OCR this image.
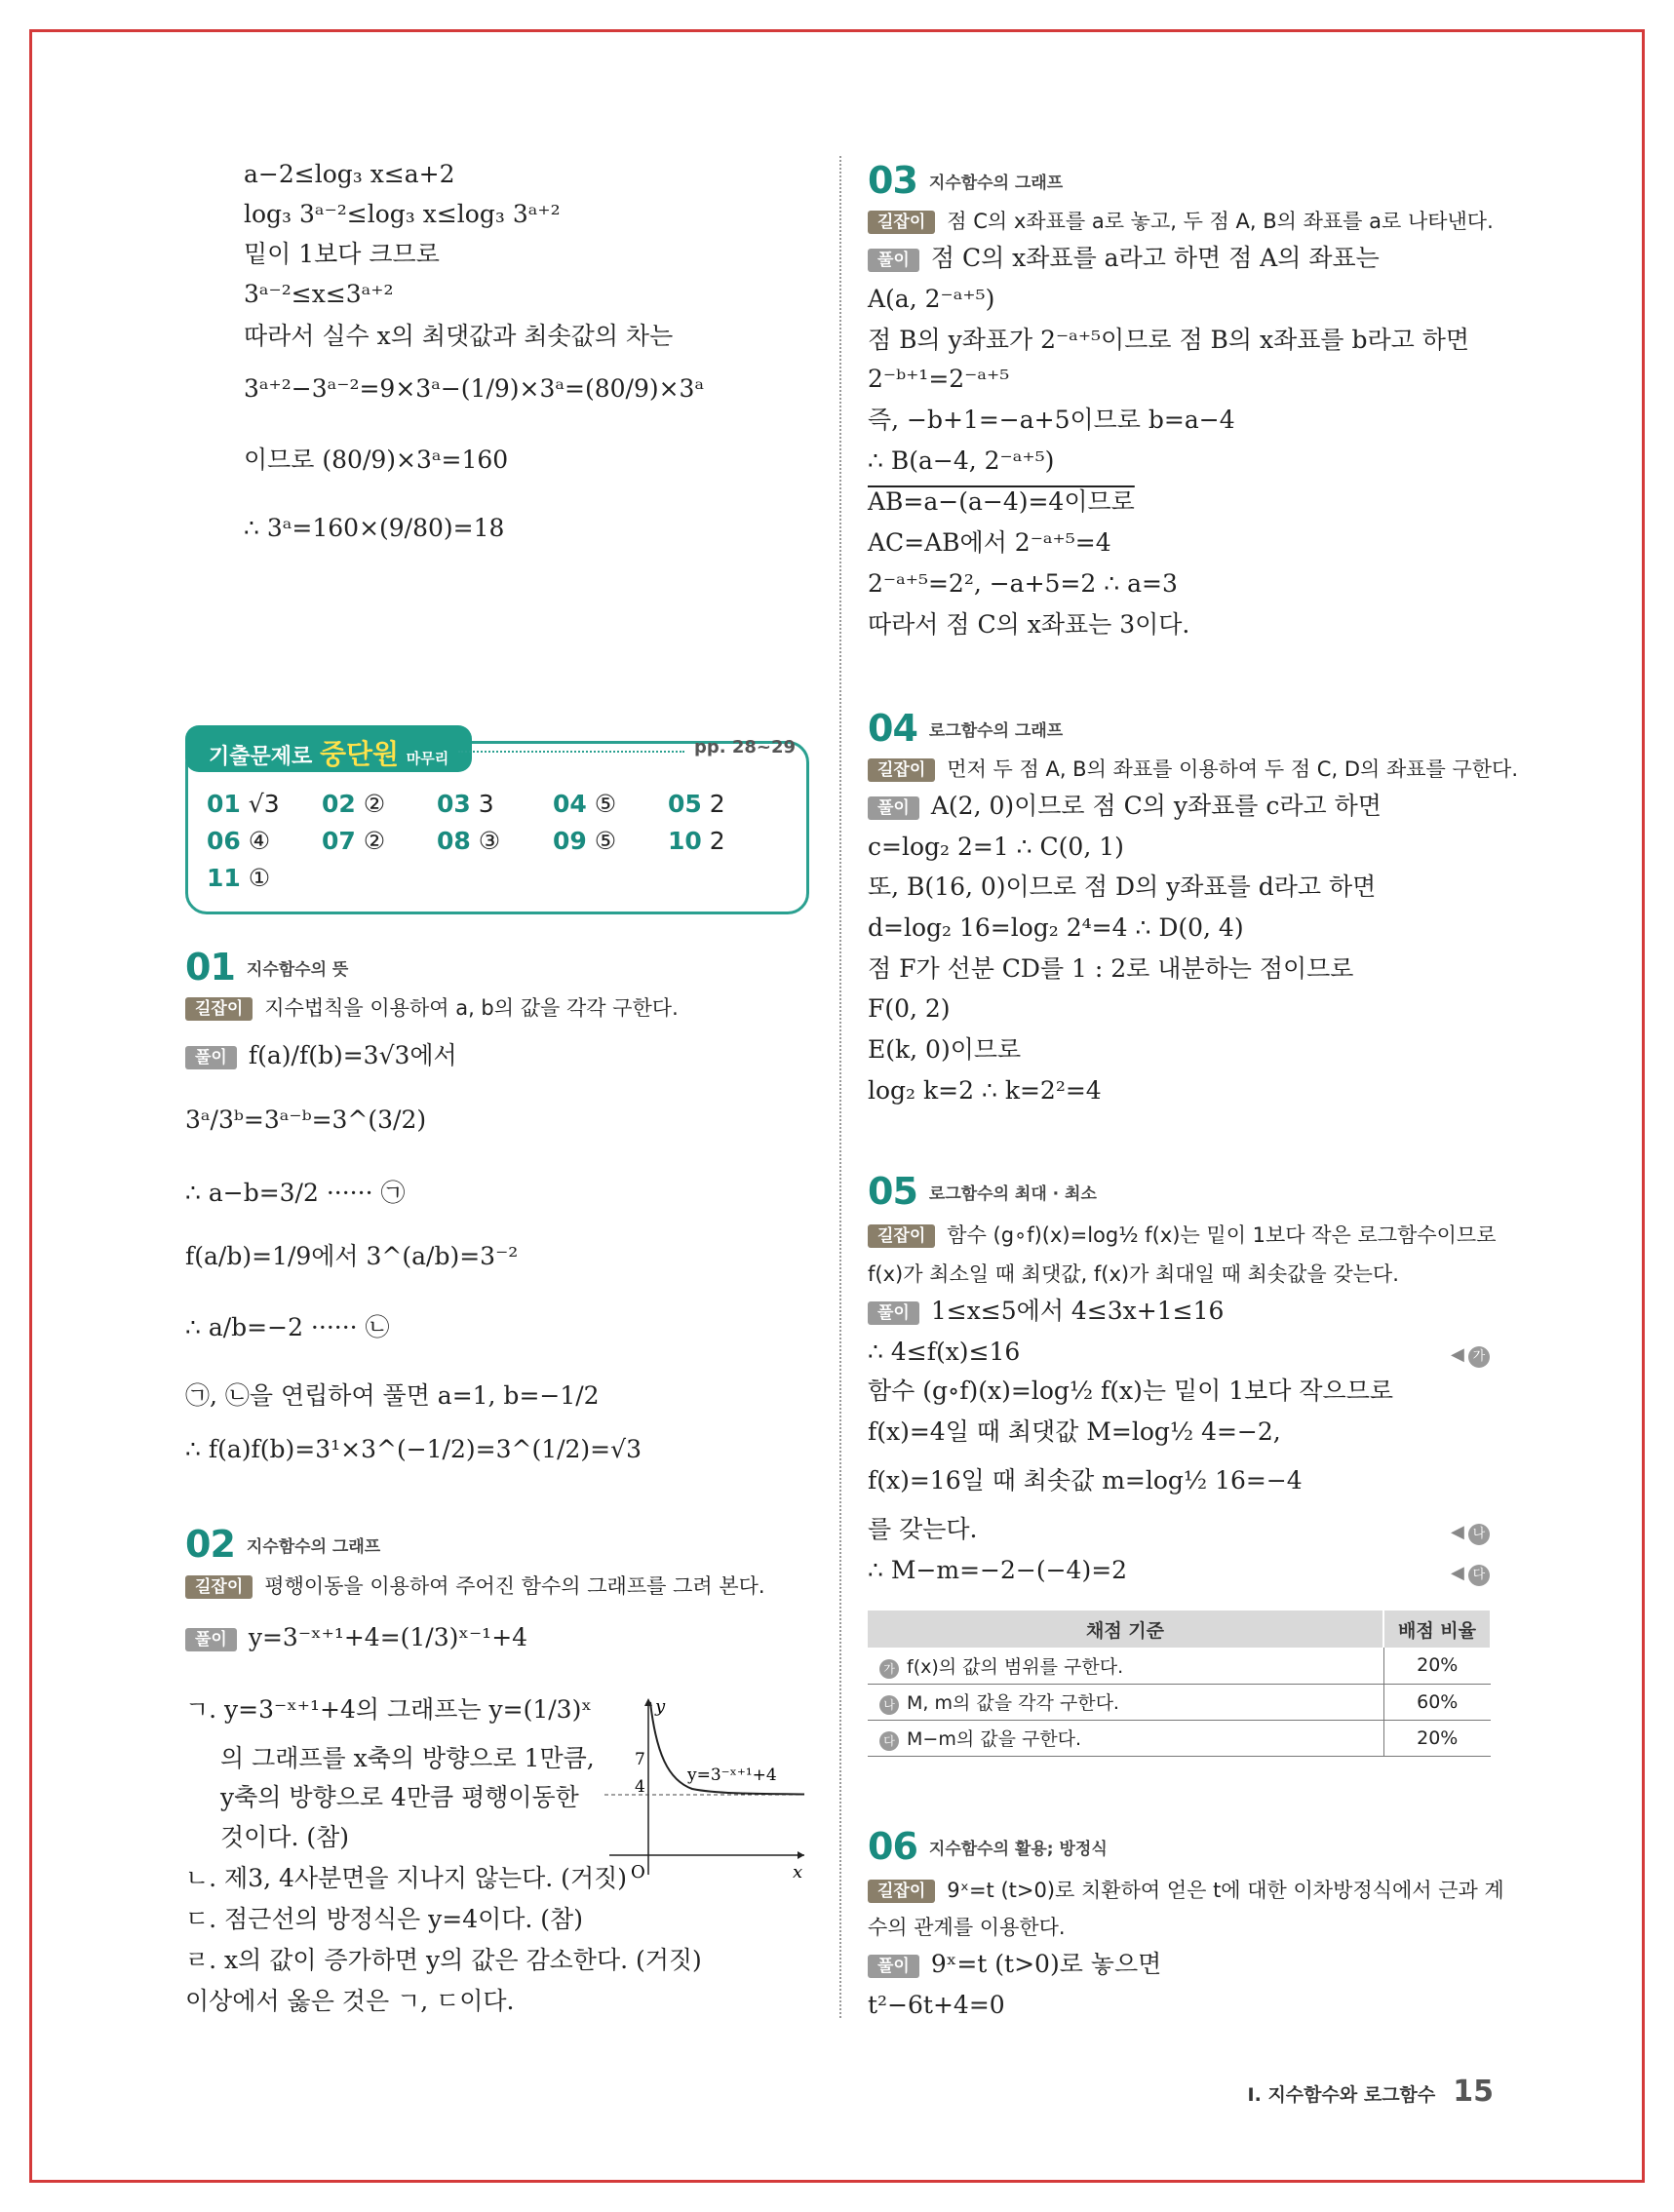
a−2≤log₃ x≤a+2
log₃ 3ᵃ⁻²≤log₃ x≤log₃ 3ᵃ⁺²
밑이 1보다 크므로
3ᵃ⁻²≤x≤3ᵃ⁺²
따라서 실수 x의 최댓값과 최솟값의 차는
3ᵃ⁺²−3ᵃ⁻²=9×3ᵃ−(1/9)×3ᵃ=(80/9)×3ᵃ
이므로 (80/9)×3ᵃ=160
∴ 3ᵃ=160×(9/80)=18
기출문제로 중단원 마무리
pp. 28~29
01 √3 02 ② 03 3 04 ⑤ 05 2
06 ④ 07 ② 08 ③ 09 ⑤ 10 2
11 ①
01 지수함수의 뜻
길잡이 지수법칙을 이용하여 a, b의 값을 각각 구한다.
풀이 f(a)/f(b)=3√3에서
3ᵃ/3ᵇ=3ᵃ⁻ᵇ=3^(3/2)
∴ a−b=3/2 ······ ㉠
f(a/b)=1/9에서 3^(a/b)=3⁻²
∴ a/b=−2 ······ ㉡
㉠, ㉡을 연립하여 풀면 a=1, b=−1/2
∴ f(a)f(b)=3¹×3^(−1/2)=3^(1/2)=√3
02 지수함수의 그래프
길잡이 평행이동을 이용하여 주어진 함수의 그래프를 그려 본다.
풀이 y=3⁻ˣ⁺¹+4=(1/3)ˣ⁻¹+4
ㄱ. y=3⁻ˣ⁺¹+4의 그래프는 y=(1/3)ˣ
의 그래프를 x축의 방향으로 1만큼,
y축의 방향으로 4만큼 평행이동한
것이다. (참)
ㄴ. 제3, 4사분면을 지나지 않는다. (거짓)
ㄷ. 점근선의 방정식은 y=4이다. (참)
ㄹ. x의 값이 증가하면 y의 값은 감소한다. (거짓)
이상에서 옳은 것은 ㄱ, ㄷ이다.
y
x
O
7
4
y=3⁻ˣ⁺¹+4
03 지수함수의 그래프
길잡이 점 C의 x좌표를 a로 놓고, 두 점 A, B의 좌표를 a로 나타낸다.
풀이 점 C의 x좌표를 a라고 하면 점 A의 좌표는
A(a, 2⁻ᵃ⁺⁵)
점 B의 y좌표가 2⁻ᵃ⁺⁵이므로 점 B의 x좌표를 b라고 하면
2⁻ᵇ⁺¹=2⁻ᵃ⁺⁵
즉, −b+1=−a+5이므로 b=a−4
∴ B(a−4, 2⁻ᵃ⁺⁵)
AB=a−(a−4)=4이므로
AC=AB에서 2⁻ᵃ⁺⁵=4
2⁻ᵃ⁺⁵=2², −a+5=2 ∴ a=3
따라서 점 C의 x좌표는 3이다.
04 로그함수의 그래프
길잡이 먼저 두 점 A, B의 좌표를 이용하여 두 점 C, D의 좌표를 구한다.
풀이 A(2, 0)이므로 점 C의 y좌표를 c라고 하면
c=log₂ 2=1 ∴ C(0, 1)
또, B(16, 0)이므로 점 D의 y좌표를 d라고 하면
d=log₂ 16=log₂ 2⁴=4 ∴ D(0, 4)
점 F가 선분 CD를 1 : 2로 내분하는 점이므로
F(0, 2)
E(k, 0)이므로
log₂ k=2 ∴ k=2²=4
05 로그함수의 최대 · 최소
길잡이 함수 (g∘f)(x)=log½ f(x)는 밑이 1보다 작은 로그함수이므로
f(x)가 최소일 때 최댓값, f(x)가 최대일 때 최솟값을 갖는다.
풀이 1≤x≤5에서 4≤3x+1≤16
∴ 4≤f(x)≤16	◀ 가
함수 (g∘f)(x)=log½ f(x)는 밑이 1보다 작으므로
f(x)=4일 때 최댓값 M=log½ 4=−2,
f(x)=16일 때 최솟값 m=log½ 16=−4
를 갖는다.	◀ 나
∴ M−m=−2−(−4)=2	◀ 다
채점 기준	배점 비율
가 f(x)의 값의 범위를 구한다.	20%
나 M, m의 값을 각각 구한다.	60%
다 M−m의 값을 구한다.	20%
06 지수함수의 활용; 방정식
길잡이 9ˣ=t (t>0)로 치환하여 얻은 t에 대한 이차방정식에서 근과 계
수의 관계를 이용한다.
풀이 9ˣ=t (t>0)로 놓으면
t²−6t+4=0
I. 지수함수와 로그함수 15
